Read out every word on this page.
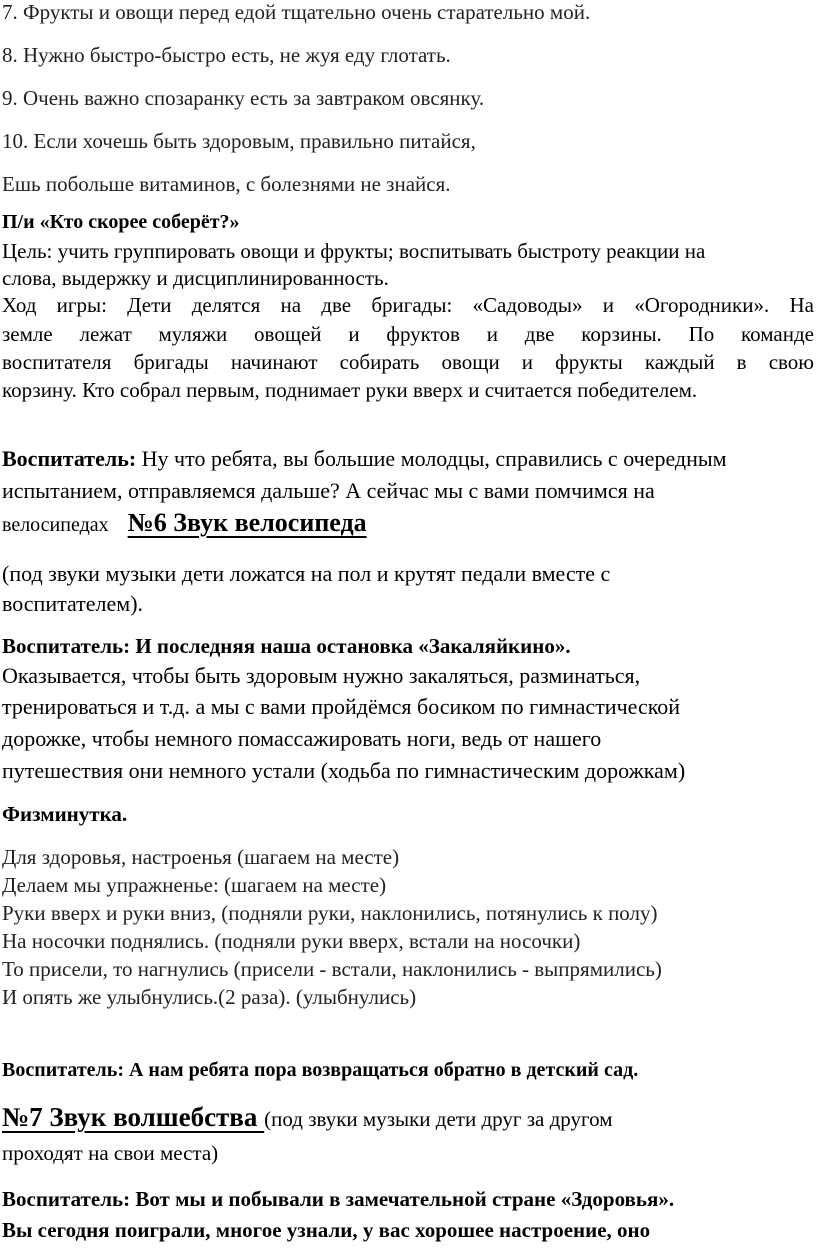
7. Фрукты и овощи перед едой тщательно очень старательно мой.
8. Нужно быстро-быстро есть, не жуя еду глотать.
9. Очень важно спозаранку есть за завтраком овсянку.
10. Если хочешь быть здоровым, правильно питайся,
Ешь побольше витаминов, с болезнями не знайся.
П/и «Кто скорее соберёт?»
Цель: учить группировать овощи и фрукты; воспитывать быстроту реакции на
слова, выдержку и дисциплинированность.
Ход игры: Дети делятся на две бригады: «Садоводы» и «Огородники». На
земле лежат муляжи овощей и фруктов и две корзины. По команде
воспитателя бригады начинают собирать овощи и фрукты каждый в свою
корзину. Кто собрал первым, поднимает руки вверх и считается победителем.
Воспитатель: Ну что ребята, вы большие молодцы, справились с очередным
испытанием, отправляемся дальше? А сейчас мы с вами помчимся на
велосипедах №6 Звук велосипеда
(под звуки музыки дети ложатся на пол и крутят педали вместе с
воспитателем).
Воспитатель: И последняя наша остановка «Закаляйкино».
Оказывается, чтобы быть здоровым нужно закаляться, разминаться,
тренироваться и т.д. а мы с вами пройдёмся босиком по гимнастической
дорожке, чтобы немного помассажировать ноги, ведь от нашего
путешествия они немного устали (ходьба по гимнастическим дорожкам)
Физминутка.
Для здоровья, настроенья (шагаем на месте)
Делаем мы упражненье: (шагаем на месте)
Руки вверх и руки вниз, (подняли руки, наклонились, потянулись к полу)
На носочки поднялись. (подняли руки вверх, встали на носочки)
То присели, то нагнулись (присели - встали, наклонились - выпрямились)
И опять же улыбнулись.(2 раза). (улыбнулись)
Воспитатель: А нам ребята пора возвращаться обратно в детский сад.
№7 Звук волшебства (под звуки музыки дети друг за другом
проходят на свои места)
Воспитатель: Вот мы и побывали в замечательной стране «Здоровья».
Вы сегодня поиграли, многое узнали, у вас хорошее настроение, оно
